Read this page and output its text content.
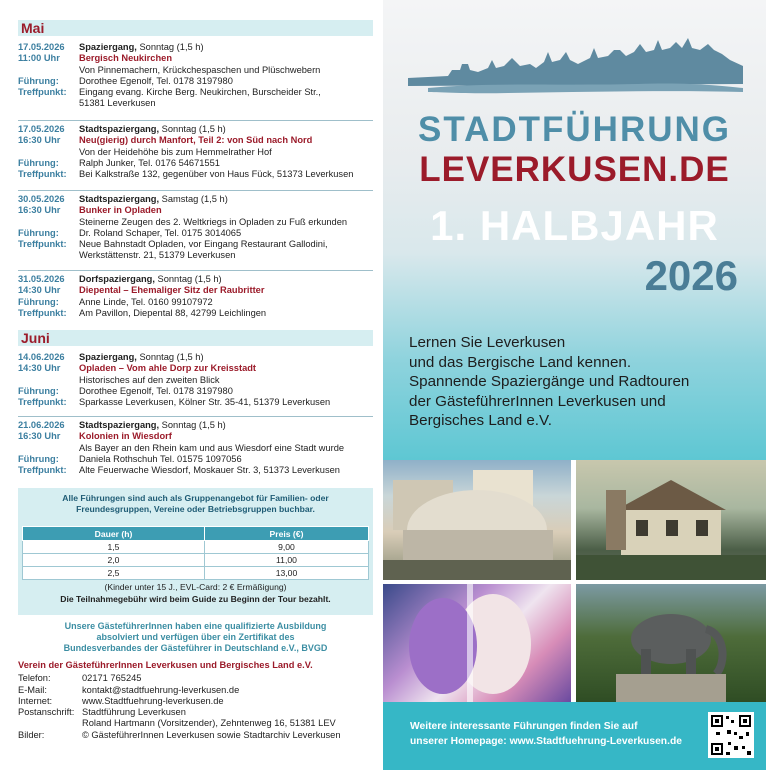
Mai
17.05.2026	Spaziergang, Sonntag (1,5 h)
11:00 Uhr	Bergisch Neukirchen
Von Pinnemachern, Krückchespaschen und Plüschwebern
Führung:	Dorothee Egenolf, Tel. 0178 3197980
Treffpunkt:	Eingang evang. Kirche Berg. Neukirchen, Burscheider Str.,
51381 Leverkusen
17.05.2026	Stadtspaziergang, Sonntag (1,5 h)
16:30 Uhr	Neu(gierig) durch Manfort, Teil 2: von Süd nach Nord
Von der Heidehöhe bis zum Hemmelrather Hof
Führung:	Ralph Junker, Tel. 0176 54671551
Treffpunkt:	Bei Kalkstraße 132, gegenüber von Haus Fück, 51373 Leverkusen
30.05.2026	Stadtspaziergang, Samstag (1,5 h)
16:30 Uhr	Bunker in Opladen
Steinerne Zeugen des 2. Weltkriegs in Opladen zu Fuß erkunden
Führung:	Dr. Roland Schaper, Tel. 0175 3014065
Treffpunkt:	Neue Bahnstadt Opladen, vor Eingang Restaurant Gallodini,
Werkstättenstr. 21, 51379 Leverkusen
31.05.2026	Dorfspaziergang, Sonntag (1,5 h)
14:30 Uhr	Diepental – Ehemaliger Sitz der Raubritter
Führung:	Anne Linde, Tel. 0160 99107972
Treffpunkt:	Am Pavillon, Diepental 88, 42799 Leichlingen
Juni
14.06.2026	Spaziergang, Sonntag (1,5 h)
14:30 Uhr	Opladen – Vom ahle Dorp zur Kreisstadt
Historisches auf den zweiten Blick
Führung:	Dorothee Egenolf, Tel. 0178 3197980
Treffpunkt:	Sparkasse Leverkusen, Kölner Str. 35-41, 51379 Leverkusen
21.06.2026	Stadtspaziergang, Sonntag (1,5 h)
16:30 Uhr	Kolonien in Wiesdorf
Als Bayer an den Rhein kam und aus Wiesdorf eine Stadt wurde
Führung:	Daniela Rothschuh Tel. 01575 1097056
Treffpunkt:	Alte Feuerwache Wiesdorf, Moskauer Str. 3, 51373 Leverkusen
Alle Führungen sind auch als Gruppenangebot für Familien- oder
Freundesgruppen, Vereine oder Betriebsgruppen buchbar.
Dauer (h)	Preis (€)
1,5	9,00
2,0	11,00
2,5	13,00
(Kinder unter 15 J., EVL-Card: 2 € Ermäßigung)
Die Teilnahmegebühr wird beim Guide zu Beginn der Tour bezahlt.
Unsere GästeführerInnen haben eine qualifizierte Ausbildung
absolviert und verfügen über ein Zertifikat des
Bundesverbandes der Gästeführer in Deutschland e.V., BVGD
Verein der GästeführerInnen Leverkusen und Bergisches Land e.V.
Telefon:	02171 765245
E-Mail:	kontakt@stadtfuehrung-leverkusen.de
Internet:	www.Stadtfuehrung-leverkusen.de
Postanschrift: Stadtführung Leverkusen
Roland Hartmann (Vorsitzender), Zehntenweg 16, 51381 LEV
Bilder:	© GästeführerInnen Leverkusen sowie Stadtarchiv Leverkusen
STADTFÜHRUNG
LEVERKUSEN.DE
1. HALBJAHR
2026
Lernen Sie Leverkusen
und das Bergische Land kennen.
Spannende Spaziergänge und Radtouren
der GästeführerInnen Leverkusen und
Bergisches Land e.V.
Weitere interessante Führungen finden Sie auf
unserer Homepage: www.Stadtfuehrung-Leverkusen.de
